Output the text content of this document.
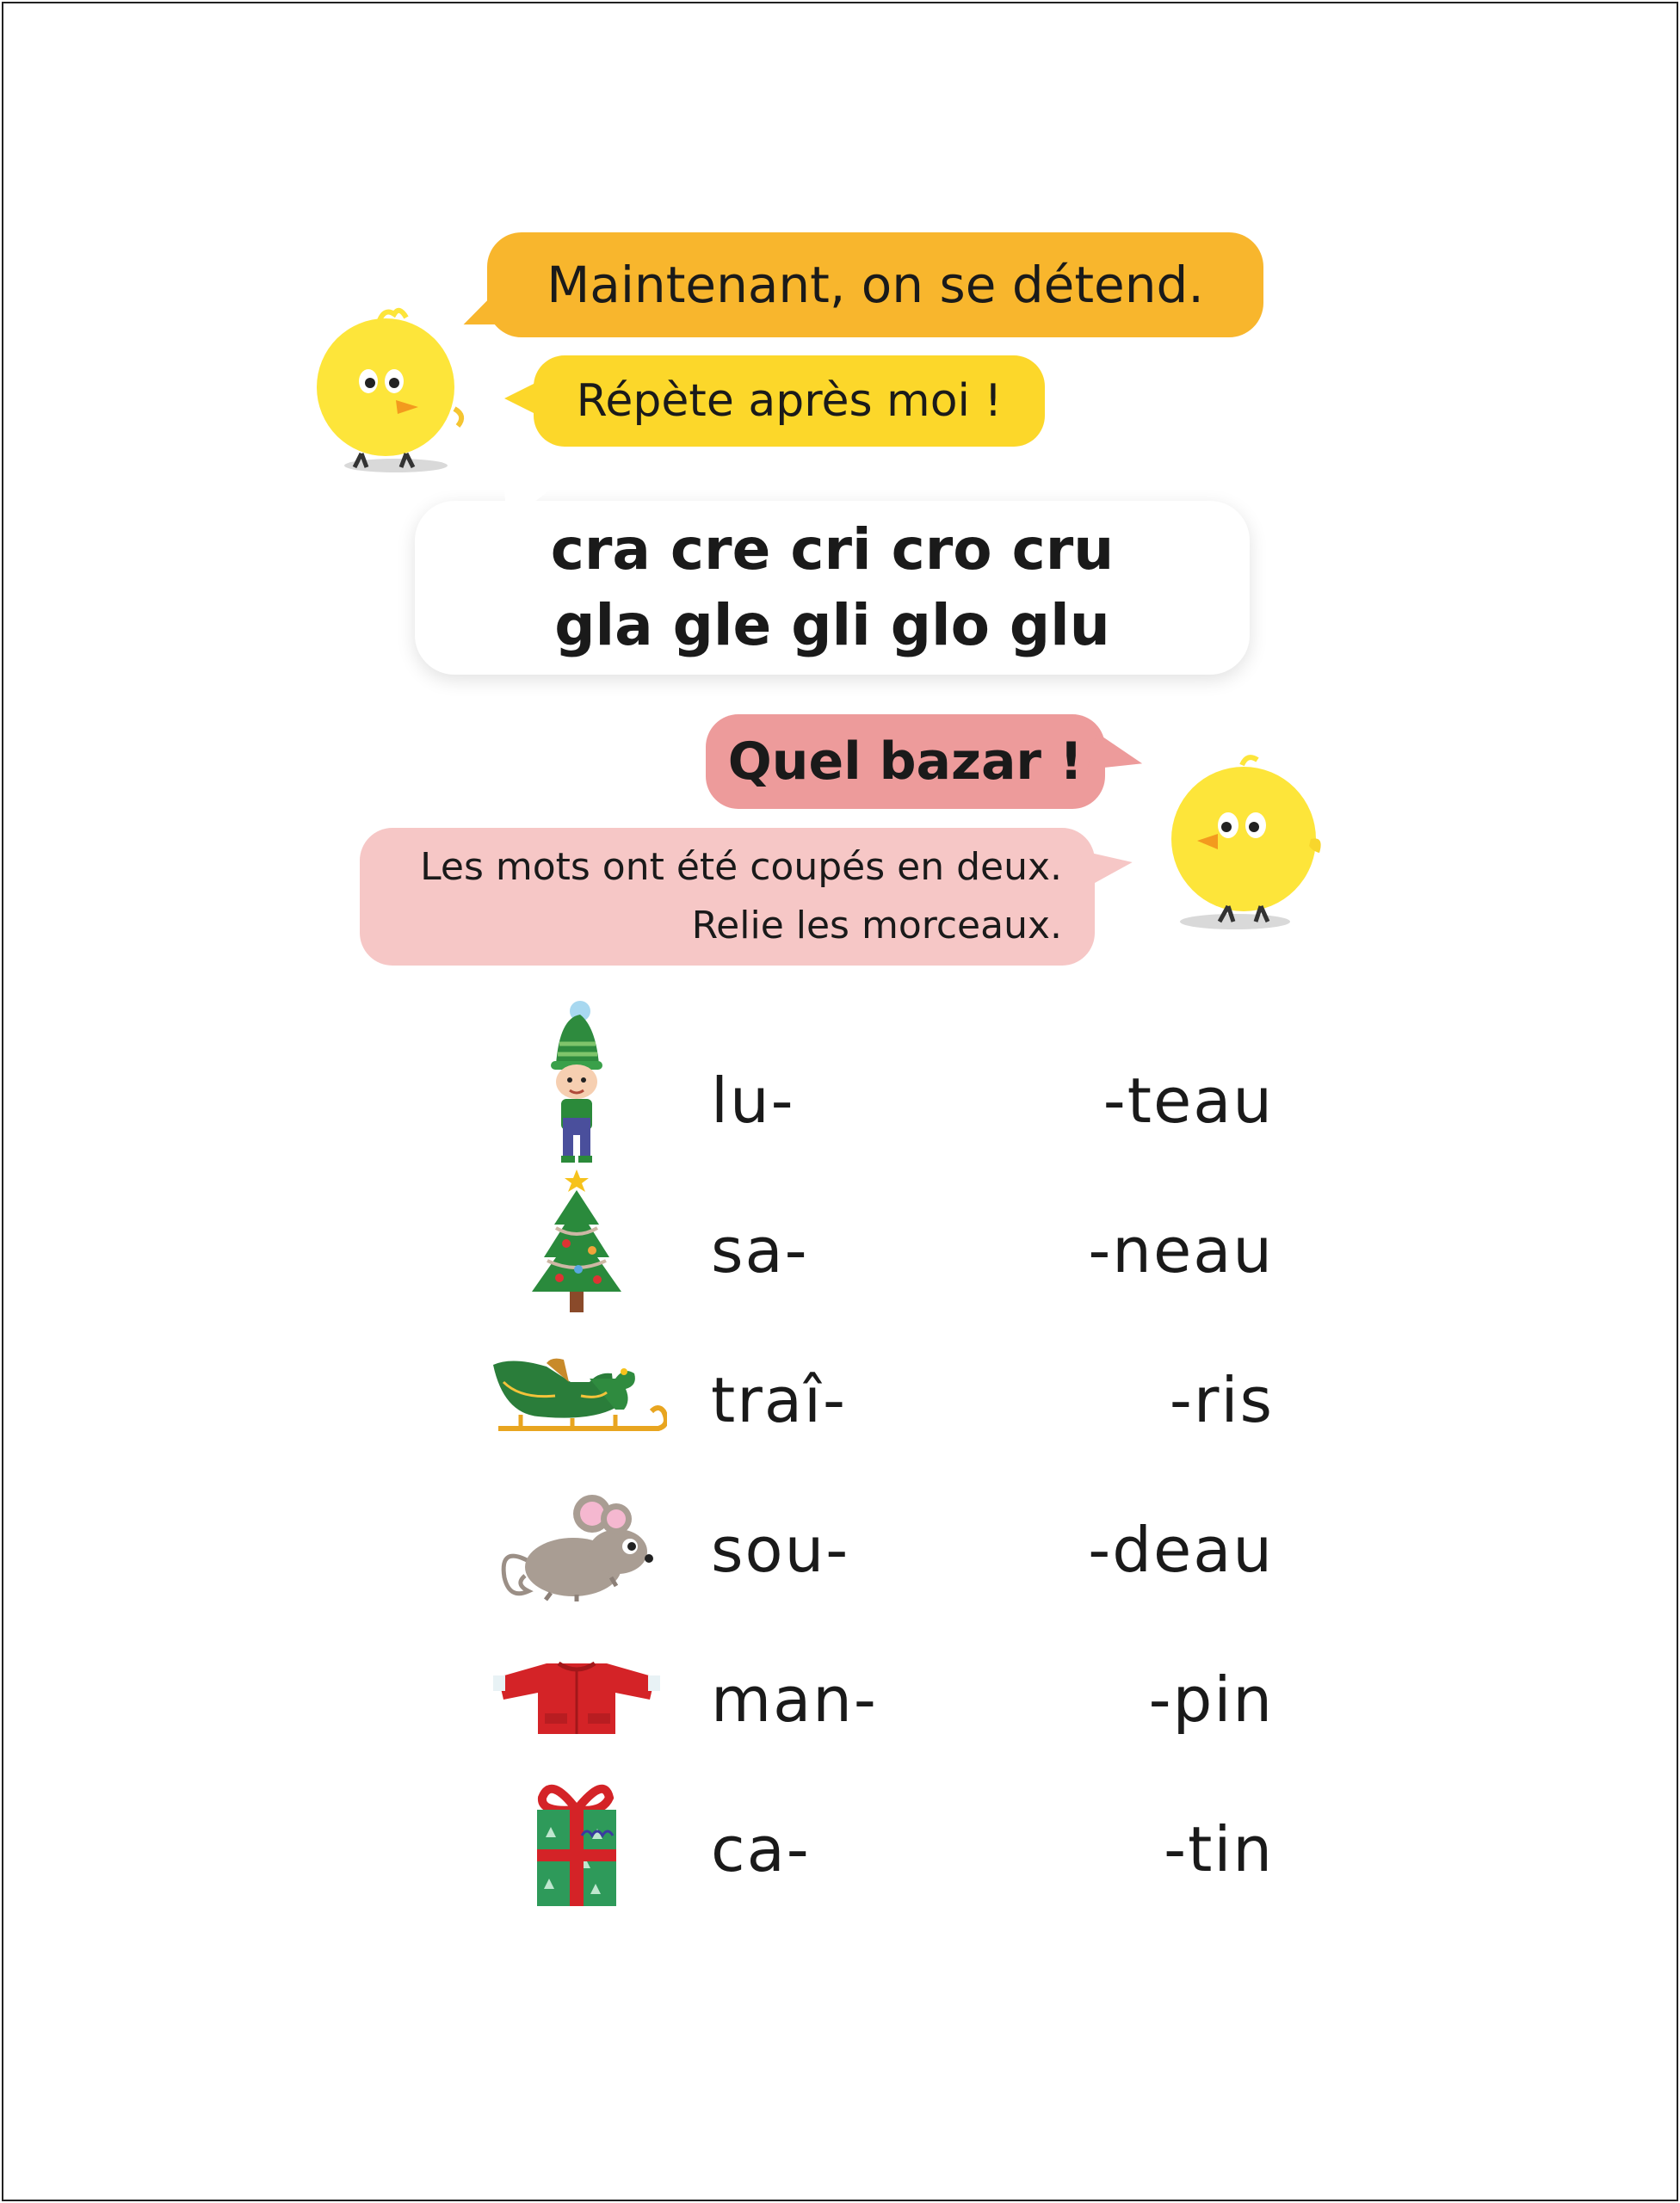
Maintenant, on se détend.
Répète après moi !
cra cre cri cro cru
gla gle gli glo glu
Quel bazar !
Les mots ont été coupés en deux.
Relie les morceaux.
lu-	-teau
sa-	-neau
traî-	-ris
sou-	-deau
man-	-pin
ca-	-tin
